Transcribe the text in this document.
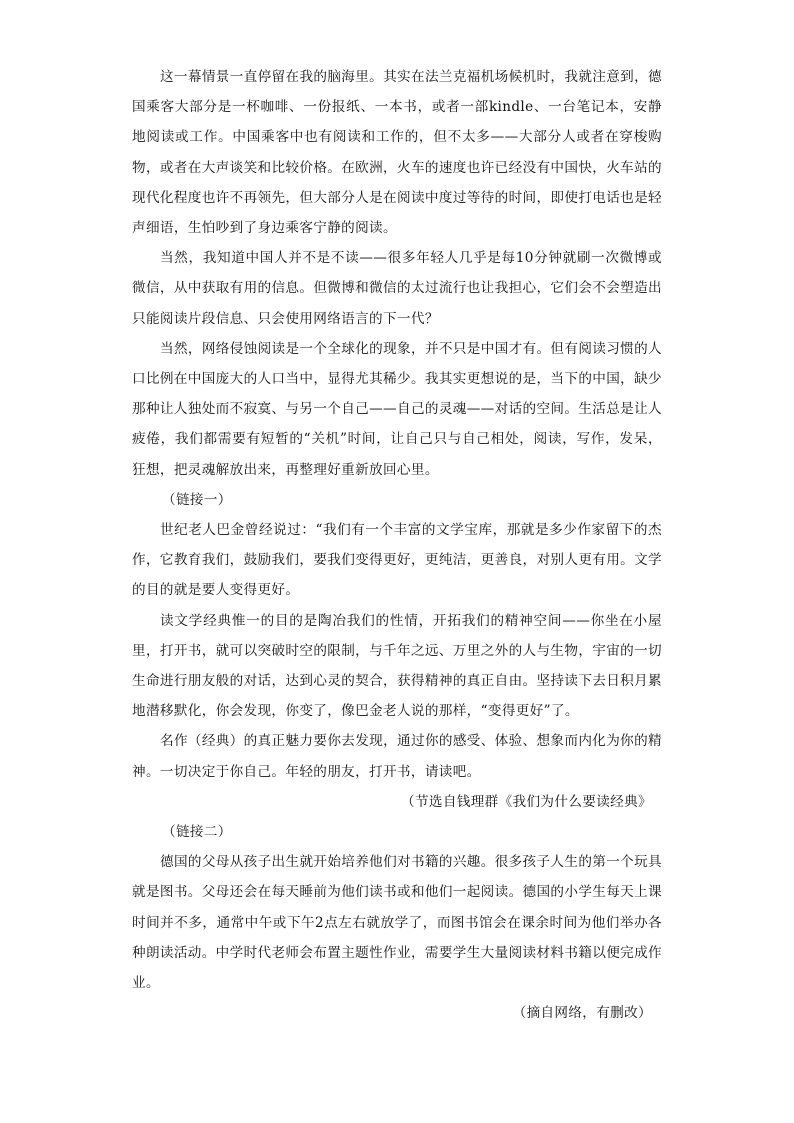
这一幕情景一直停留在我的脑海里。其实在法兰克福机场候机时，我就注意到，德国乘客大部分是一杯咖啡、一份报纸、一本书，或者一部kindle、一台笔记本，安静地阅读或工作。中国乘客中也有阅读和工作的，但不太多——大部分人或者在穿梭购物，或者在大声谈笑和比较价格。在欧洲，火车的速度也许已经没有中国快，火车站的现代化程度也许不再领先，但大部分人是在阅读中度过等待的时间，即使打电话也是轻声细语，生怕吵到了身边乘客宁静的阅读。

当然，我知道中国人并不是不读——很多年轻人几乎是每10分钟就刷一次微博或微信，从中获取有用的信息。但微博和微信的太过流行也让我担心，它们会不会塑造出只能阅读片段信息、只会使用网络语言的下一代？

当然，网络侵蚀阅读是一个全球化的现象，并不只是中国才有。但有阅读习惯的人口比例在中国庞大的人口当中，显得尤其稀少。我其实更想说的是，当下的中国，缺少那种让人独处而不寂寞、与另一个自己——自己的灵魂——对话的空间。生活总是让人疲倦，我们都需要有短暂的“关机”时间，让自己只与自己相处，阅读，写作，发呆，狂想，把灵魂解放出来，再整理好重新放回心里。

（链接一）

世纪老人巴金曾经说过：“我们有一个丰富的文学宝库，那就是多少作家留下的杰作，它教育我们，鼓励我们，要我们变得更好，更纯洁，更善良，对别人更有用。文学的目的就是要人变得更好。

读文学经典惟一的目的是陶冶我们的性情，开拓我们的精神空间——你坐在小屋里，打开书，就可以突破时空的限制，与千年之远、万里之外的人与生物，宇宙的一切生命进行朋友般的对话，达到心灵的契合，获得精神的真正自由。坚持读下去日积月累地潜移默化，你会发现，你变了，像巴金老人说的那样，“变得更好”了。

名作（经典）的真正魅力要你去发现，通过你的感受、体验、想象而内化为你的精神。一切决定于你自己。年轻的朋友，打开书，请读吧。

（节选自钱理群《我们为什么要读经典》

（链接二）

德国的父母从孩子出生就开始培养他们对书籍的兴趣。很多孩子人生的第一个玩具就是图书。父母还会在每天睡前为他们读书或和他们一起阅读。德国的小学生每天上课时间并不多，通常中午或下午2点左右就放学了，而图书馆会在课余时间为他们举办各种朗读活动。中学时代老师会布置主题性作业，需要学生大量阅读材料书籍以便完成作业。

（摘自网络，有删改）
